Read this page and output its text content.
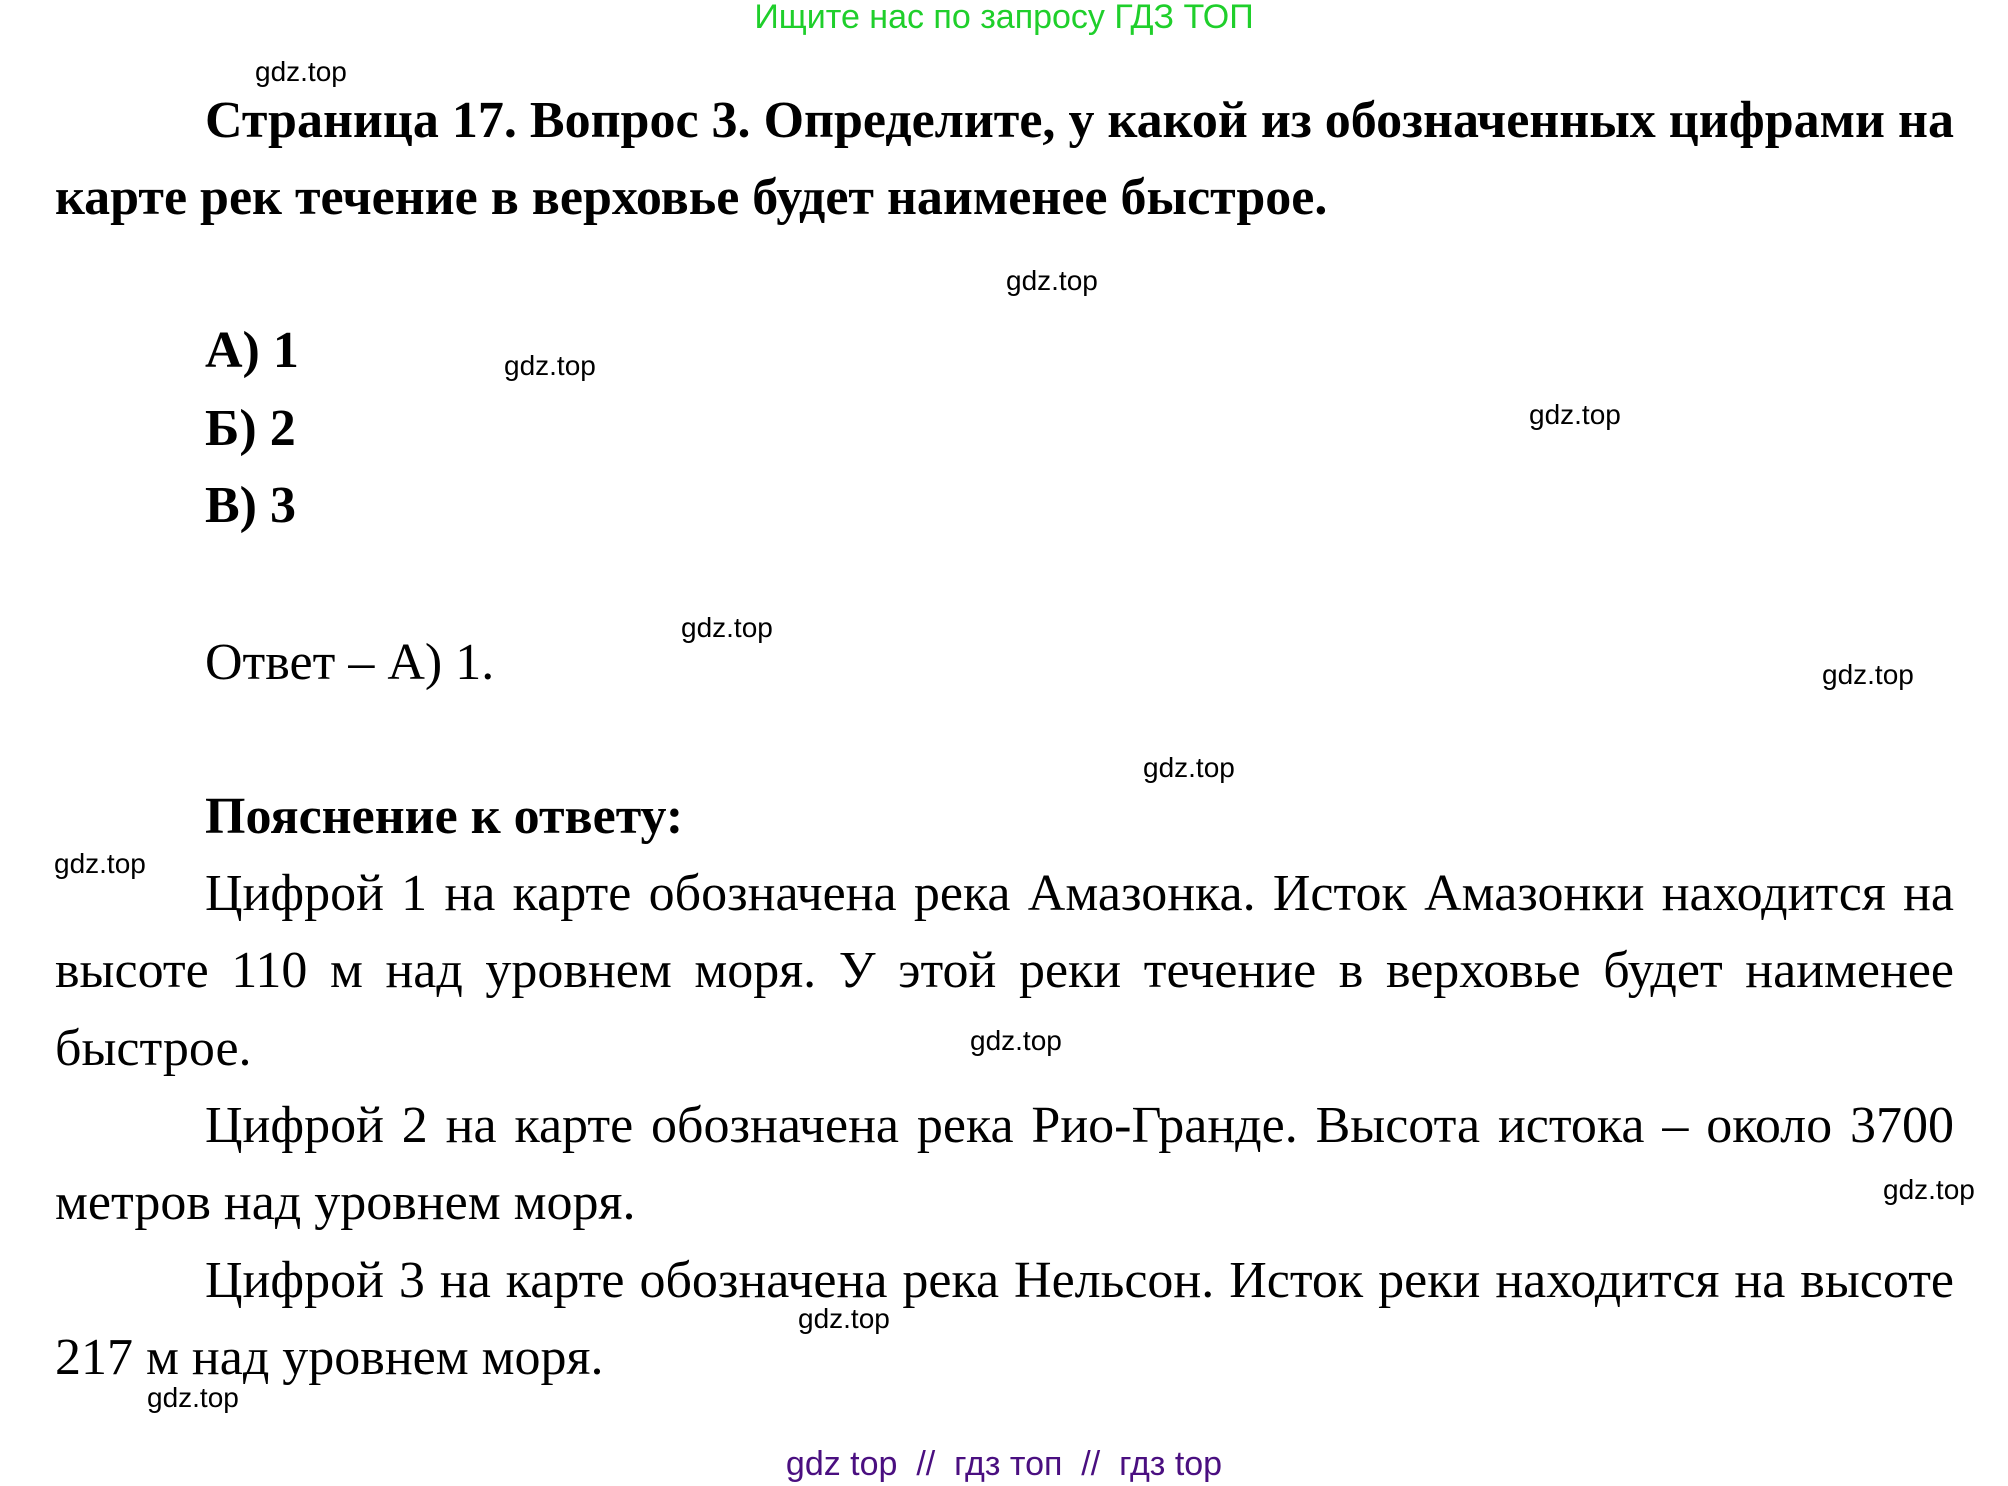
Ищите нас по запросу ГДЗ ТОП
Страница 17. Вопрос 3. Определите, у какой из обозначенных цифрами на карте рек течение в верховье будет наименее быстрое.
А) 1
Б) 2
В) 3
Ответ – А) 1.
Пояснение к ответу:
Цифрой 1 на карте обозначена река Амазонка. Исток Амазонки находится на высоте 110 м над уровнем моря. У этой реки течение в верховье будет наименее быстрое.
Цифрой 2 на карте обозначена река Рио-Гранде. Высота истока – около 3700 метров над уровнем моря.
Цифрой 3 на карте обозначена река Нельсон. Исток реки находится на высоте 217 м над уровнем моря.
gdz.top
gdz.top
gdz.top
gdz.top
gdz.top
gdz.top
gdz.top
gdz.top
gdz.top
gdz.top
gdz.top
gdz.top
gdz top  //  гдз топ  //  гдз top
